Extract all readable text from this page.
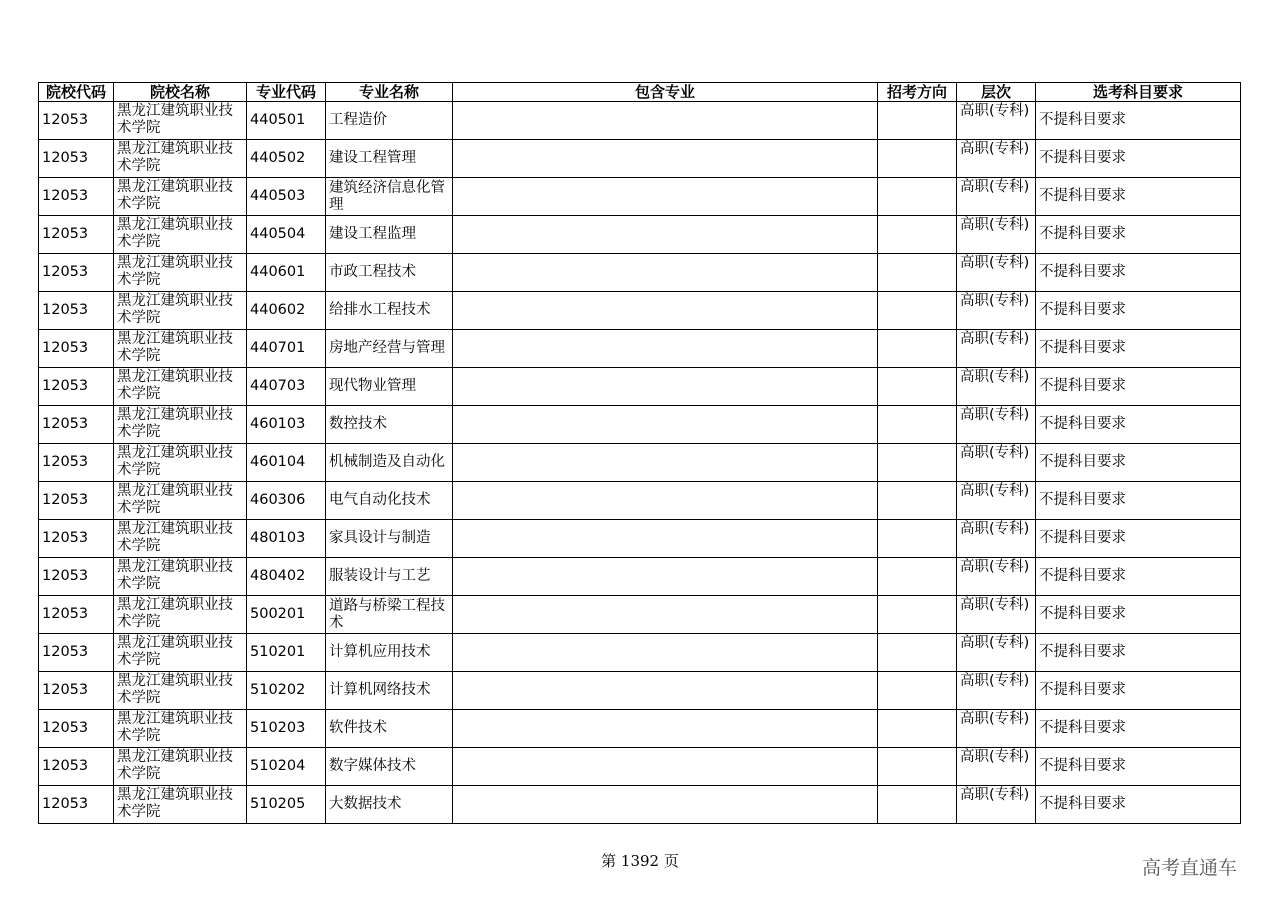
院校代码	院校名称	专业代码	专业名称	包含专业	招考方向	层次	选考科目要求
12053	黑龙江建筑职业技术学院	440501	工程造价			高职(专科)	不提科目要求
12053	黑龙江建筑职业技术学院	440502	建设工程管理			高职(专科)	不提科目要求
12053	黑龙江建筑职业技术学院	440503	建筑经济信息化管理			高职(专科)	不提科目要求
12053	黑龙江建筑职业技术学院	440504	建设工程监理			高职(专科)	不提科目要求
12053	黑龙江建筑职业技术学院	440601	市政工程技术			高职(专科)	不提科目要求
12053	黑龙江建筑职业技术学院	440602	给排水工程技术			高职(专科)	不提科目要求
12053	黑龙江建筑职业技术学院	440701	房地产经营与管理			高职(专科)	不提科目要求
12053	黑龙江建筑职业技术学院	440703	现代物业管理			高职(专科)	不提科目要求
12053	黑龙江建筑职业技术学院	460103	数控技术			高职(专科)	不提科目要求
12053	黑龙江建筑职业技术学院	460104	机械制造及自动化			高职(专科)	不提科目要求
12053	黑龙江建筑职业技术学院	460306	电气自动化技术			高职(专科)	不提科目要求
12053	黑龙江建筑职业技术学院	480103	家具设计与制造			高职(专科)	不提科目要求
12053	黑龙江建筑职业技术学院	480402	服装设计与工艺			高职(专科)	不提科目要求
12053	黑龙江建筑职业技术学院	500201	道路与桥梁工程技术			高职(专科)	不提科目要求
12053	黑龙江建筑职业技术学院	510201	计算机应用技术			高职(专科)	不提科目要求
12053	黑龙江建筑职业技术学院	510202	计算机网络技术			高职(专科)	不提科目要求
12053	黑龙江建筑职业技术学院	510203	软件技术			高职(专科)	不提科目要求
12053	黑龙江建筑职业技术学院	510204	数字媒体技术			高职(专科)	不提科目要求
12053	黑龙江建筑职业技术学院	510205	大数据技术			高职(专科)	不提科目要求
第 1392 页	高考直通车
